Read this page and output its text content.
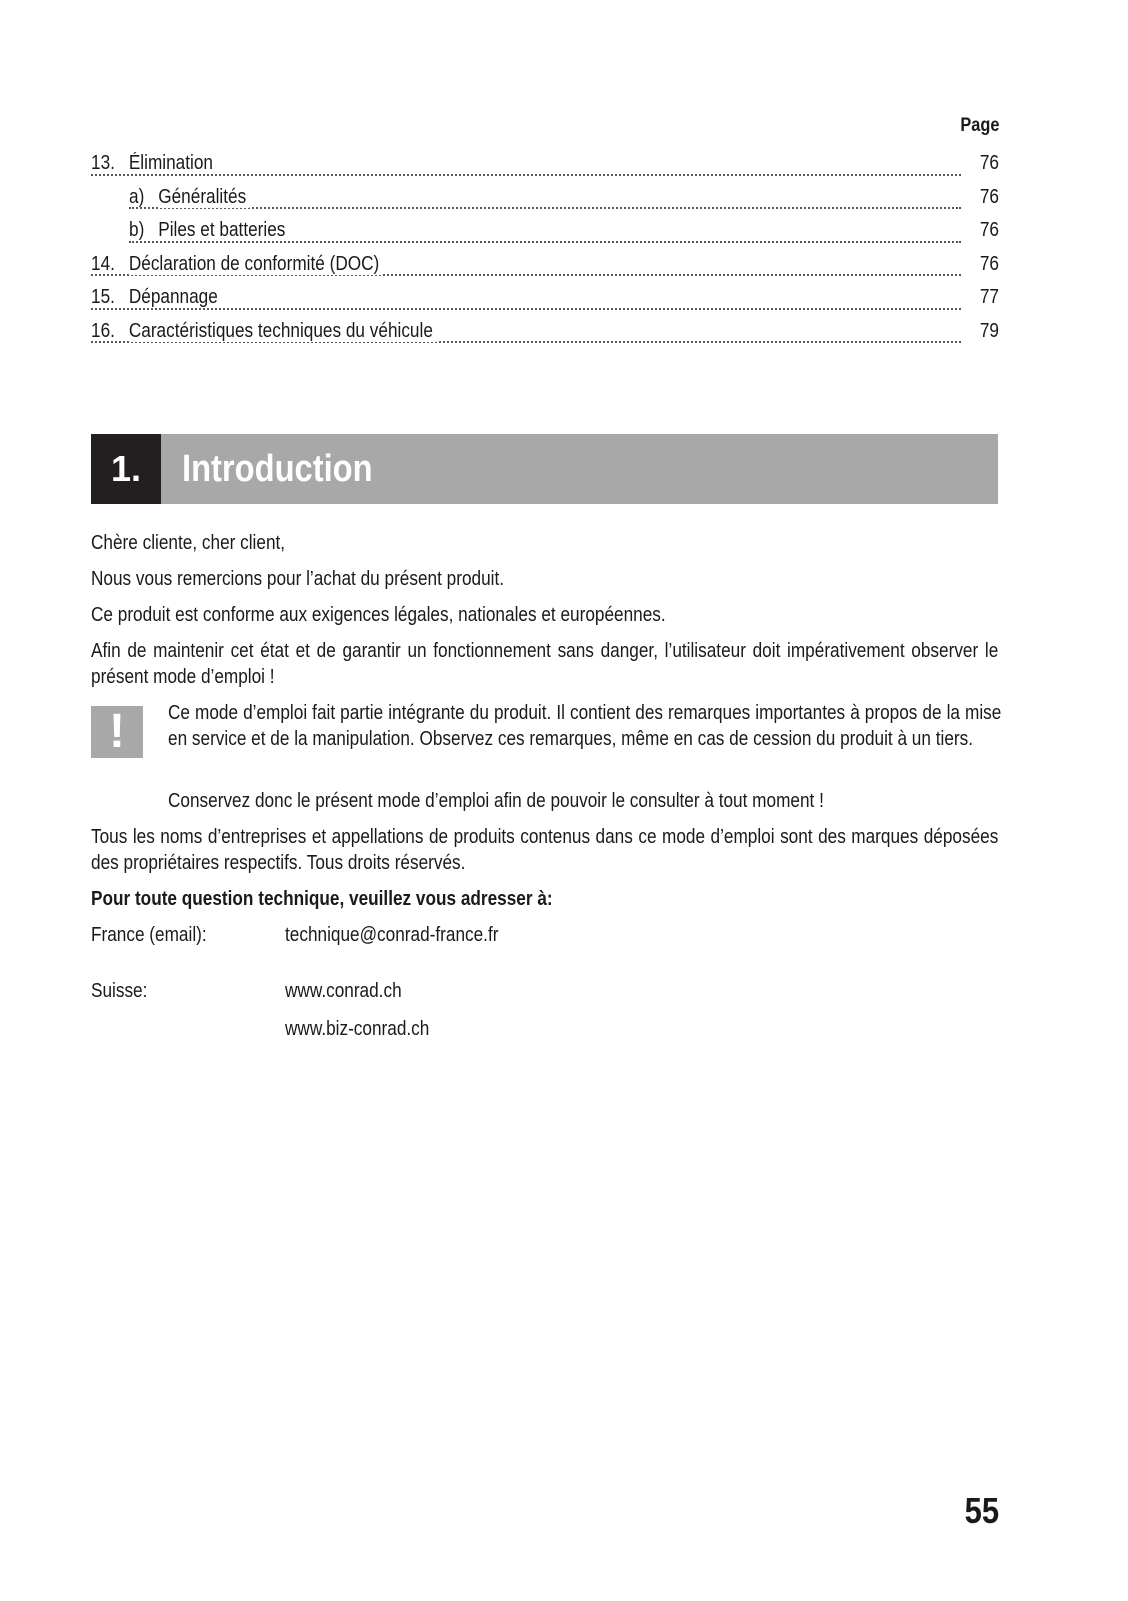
Page
13. Élimination	76
a) Généralités	76
b) Piles et batteries	76
14. Déclaration de conformité (DOC)	76
15. Dépannage	77
16. Caractéristiques techniques du véhicule	79
1.	Introduction
Chère cliente, cher client,
Nous vous remercions pour l’achat du présent produit.
Ce produit est conforme aux exigences légales, nationales et européennes.
Afin de maintenir cet état et de garantir un fonctionnement sans danger, l’utilisateur doit impérativement observer le présent mode d’emploi !
!	Ce mode d’emploi fait partie intégrante du produit. Il contient des remarques importantes à propos de la mise en service et de la manipulation. Observez ces remarques, même en cas de cession du produit à un tiers.
Conservez donc le présent mode d’emploi afin de pouvoir le consulter à tout moment !
Tous les noms d’entreprises et appellations de produits contenus dans ce mode d’emploi sont des marques déposées des propriétaires respectifs. Tous droits réservés.
Pour toute question technique, veuillez vous adresser à:
France (email):	technique@conrad-france.fr
Suisse:	www.conrad.ch
www.biz-conrad.ch
55
